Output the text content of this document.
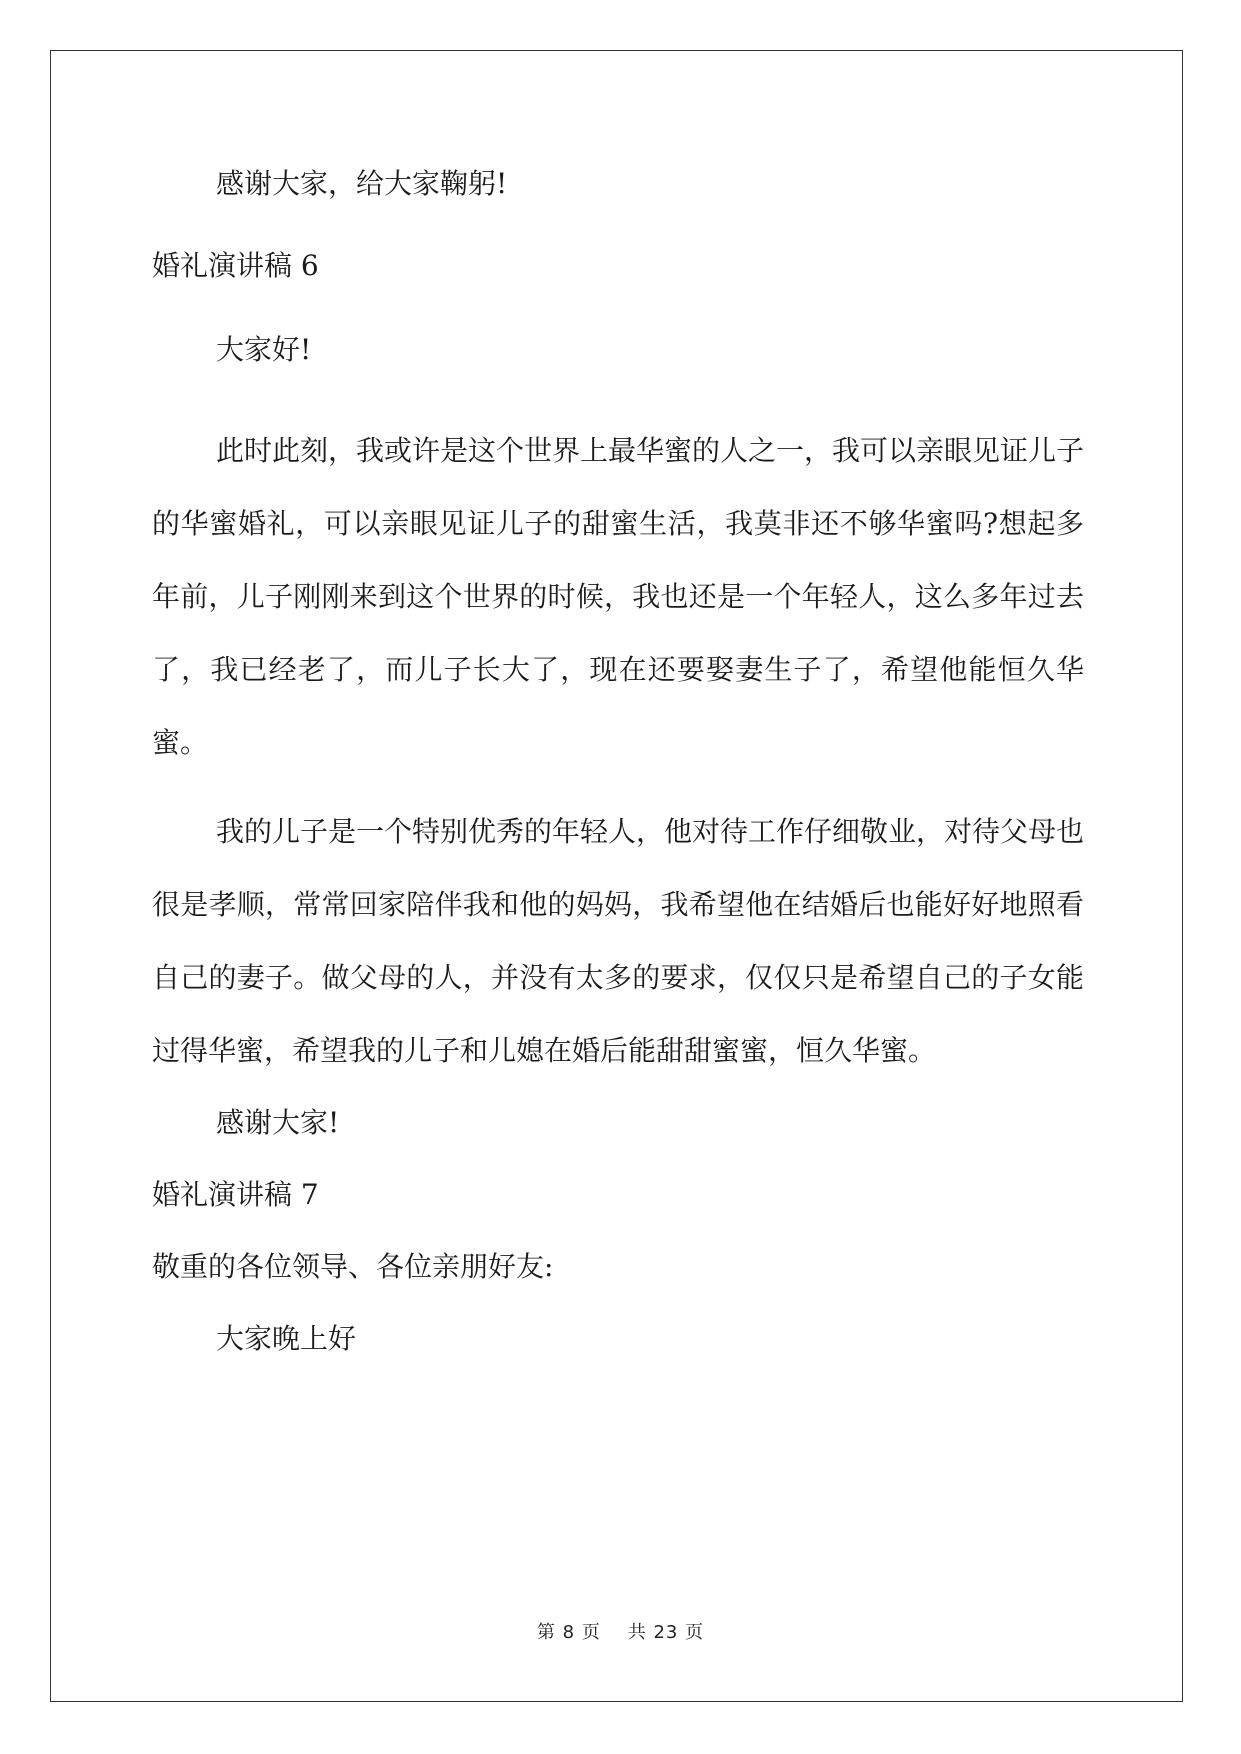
感谢大家，给大家鞠躬!

婚礼演讲稿 6

大家好!

此时此刻，我或许是这个世界上最华蜜的人之一，我可以亲眼见证儿子的华蜜婚礼，可以亲眼见证儿子的甜蜜生活，我莫非还不够华蜜吗?想起多年前，儿子刚刚来到这个世界的时候，我也还是一个年轻人，这么多年过去了，我已经老了，而儿子长大了，现在还要娶妻生子了，希望他能恒久华蜜。

我的儿子是一个特别优秀的年轻人，他对待工作仔细敬业，对待父母也很是孝顺，常常回家陪伴我和他的妈妈，我希望他在结婚后也能好好地照看自己的妻子。做父母的人，并没有太多的要求，仅仅只是希望自己的子女能过得华蜜，希望我的儿子和儿媳在婚后能甜甜蜜蜜，恒久华蜜。

感谢大家!

婚礼演讲稿 7

敬重的各位领导、各位亲朋好友:

大家晚上好

第 8 页 共 23 页
